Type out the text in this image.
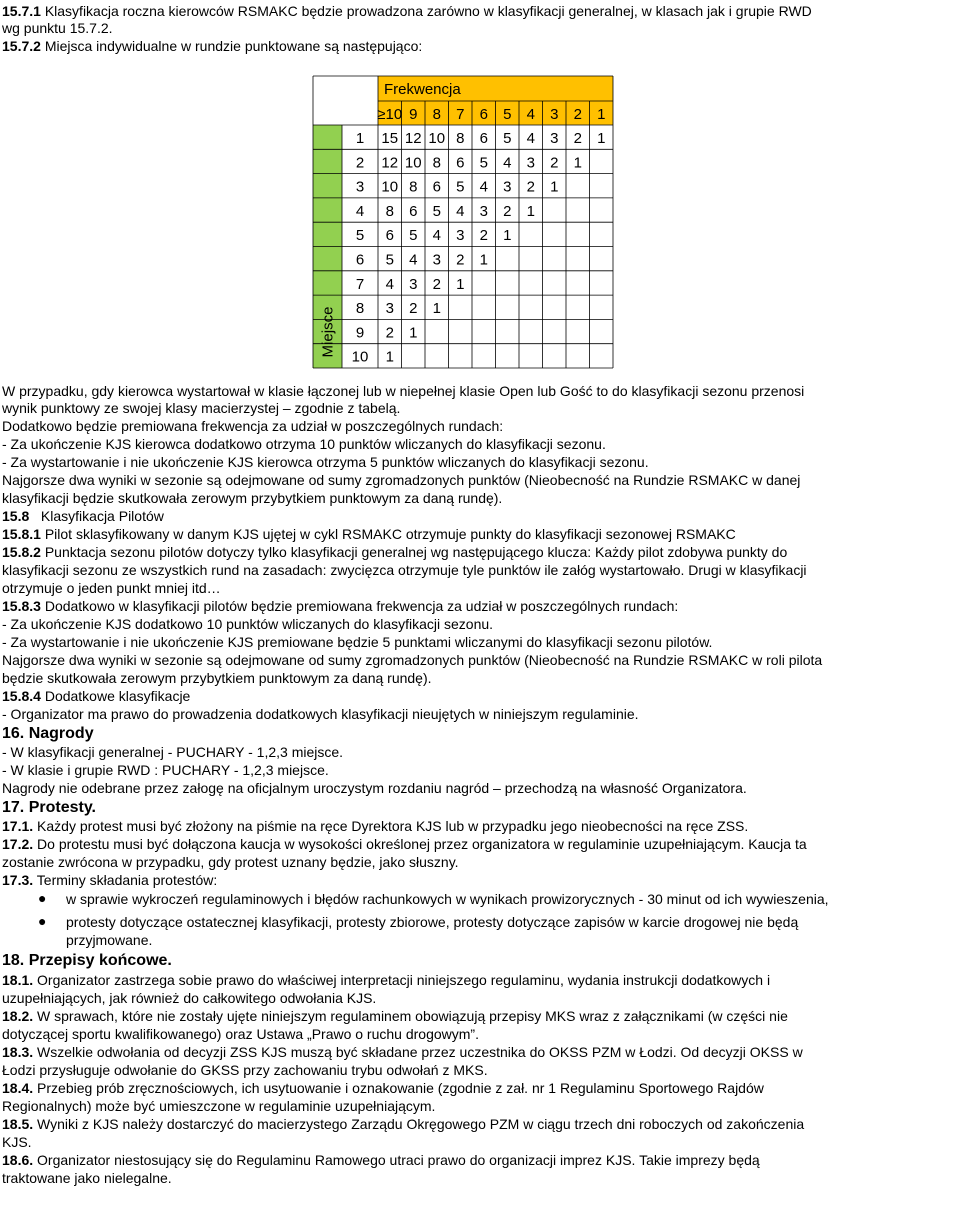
15.7.1 Klasyfikacja roczna kierowców RSMAKC będzie prowadzona zarówno w klasyfikacji generalnej, w klasach jak i grupie RWD
wg punktu 15.7.2.
15.7.2 Miejsca indywidualne w rundzie punktowane są następująco:
Frekwencja
≥10 9 8 7 6 5 4 3 2 1
Miejsce
1 15 12 10 8 6 5 4 3 2 1
2 12 10 8 6 5 4 3 2 1
3 10 8 6 5 4 3 2 1
4 8 6 5 4 3 2 1
5 6 5 4 3 2 1
6 5 4 3 2 1
7 4 3 2 1
8 3 2 1
9 2 1
10 1
W przypadku, gdy kierowca wystartował w klasie łączonej lub w niepełnej klasie Open lub Gość to do klasyfikacji sezonu przenosi
wynik punktowy ze swojej klasy macierzystej – zgodnie z tabelą.
Dodatkowo będzie premiowana frekwencja za udział w poszczególnych rundach:
- Za ukończenie KJS kierowca dodatkowo otrzyma 10 punktów wliczanych do klasyfikacji sezonu.
- Za wystartowanie i nie ukończenie KJS kierowca otrzyma 5 punktów wliczanych do klasyfikacji sezonu.
Najgorsze dwa wyniki w sezonie są odejmowane od sumy zgromadzonych punktów (Nieobecność na Rundzie RSMAKC w danej
klasyfikacji będzie skutkowała zerowym przybytkiem punktowym za daną rundę).
15.8   Klasyfikacja Pilotów
15.8.1 Pilot sklasyfikowany w danym KJS ujętej w cykl RSMAKC otrzymuje punkty do klasyfikacji sezonowej RSMAKC
15.8.2 Punktacja sezonu pilotów dotyczy tylko klasyfikacji generalnej wg następującego klucza: Każdy pilot zdobywa punkty do
klasyfikacji sezonu ze wszystkich rund na zasadach: zwycięzca otrzymuje tyle punktów ile załóg wystartowało. Drugi w klasyfikacji
otrzymuje o jeden punkt mniej itd…
15.8.3 Dodatkowo w klasyfikacji pilotów będzie premiowana frekwencja za udział w poszczególnych rundach:
- Za ukończenie KJS dodatkowo 10 punktów wliczanych do klasyfikacji sezonu.
- Za wystartowanie i nie ukończenie KJS premiowane będzie 5 punktami wliczanymi do klasyfikacji sezonu pilotów.
Najgorsze dwa wyniki w sezonie są odejmowane od sumy zgromadzonych punktów (Nieobecność na Rundzie RSMAKC w roli pilota
będzie skutkowała zerowym przybytkiem punktowym za daną rundę).
15.8.4 Dodatkowe klasyfikacje
- Organizator ma prawo do prowadzenia dodatkowych klasyfikacji nieujętych w niniejszym regulaminie.
16. Nagrody
- W klasyfikacji generalnej - PUCHARY - 1,2,3 miejsce.
- W klasie i grupie RWD : PUCHARY - 1,2,3 miejsce.
Nagrody nie odebrane przez załogę na oficjalnym uroczystym rozdaniu nagród – przechodzą na własność Organizatora.
17. Protesty.
17.1. Każdy protest musi być złożony na piśmie na ręce Dyrektora KJS lub w przypadku jego nieobecności na ręce ZSS.
17.2. Do protestu musi być dołączona kaucja w wysokości określonej przez organizatora w regulaminie uzupełniającym. Kaucja ta
zostanie zwrócona w przypadku, gdy protest uznany będzie, jako słuszny.
17.3. Terminy składania protestów:
● w sprawie wykroczeń regulaminowych i błędów rachunkowych w wynikach prowizorycznych - 30 minut od ich wywieszenia,
● protesty dotyczące ostatecznej klasyfikacji, protesty zbiorowe, protesty dotyczące zapisów w karcie drogowej nie będą
przyjmowane.
18. Przepisy końcowe.
18.1. Organizator zastrzega sobie prawo do właściwej interpretacji niniejszego regulaminu, wydania instrukcji dodatkowych i
uzupełniających, jak również do całkowitego odwołania KJS.
18.2. W sprawach, które nie zostały ujęte niniejszym regulaminem obowiązują przepisy MKS wraz z załącznikami (w części nie
dotyczącej sportu kwalifikowanego) oraz Ustawa „Prawo o ruchu drogowym”.
18.3. Wszelkie odwołania od decyzji ZSS KJS muszą być składane przez uczestnika do OKSS PZM w Łodzi. Od decyzji OKSS w
Łodzi przysługuje odwołanie do GKSS przy zachowaniu trybu odwołań z MKS.
18.4. Przebieg prób zręcznościowych, ich usytuowanie i oznakowanie (zgodnie z zał. nr 1 Regulaminu Sportowego Rajdów
Regionalnych) może być umieszczone w regulaminie uzupełniającym.
18.5. Wyniki z KJS należy dostarczyć do macierzystego Zarządu Okręgowego PZM w ciągu trzech dni roboczych od zakończenia
KJS.
18.6. Organizator niestosujący się do Regulaminu Ramowego utraci prawo do organizacji imprez KJS. Takie imprezy będą
traktowane jako nielegalne.
